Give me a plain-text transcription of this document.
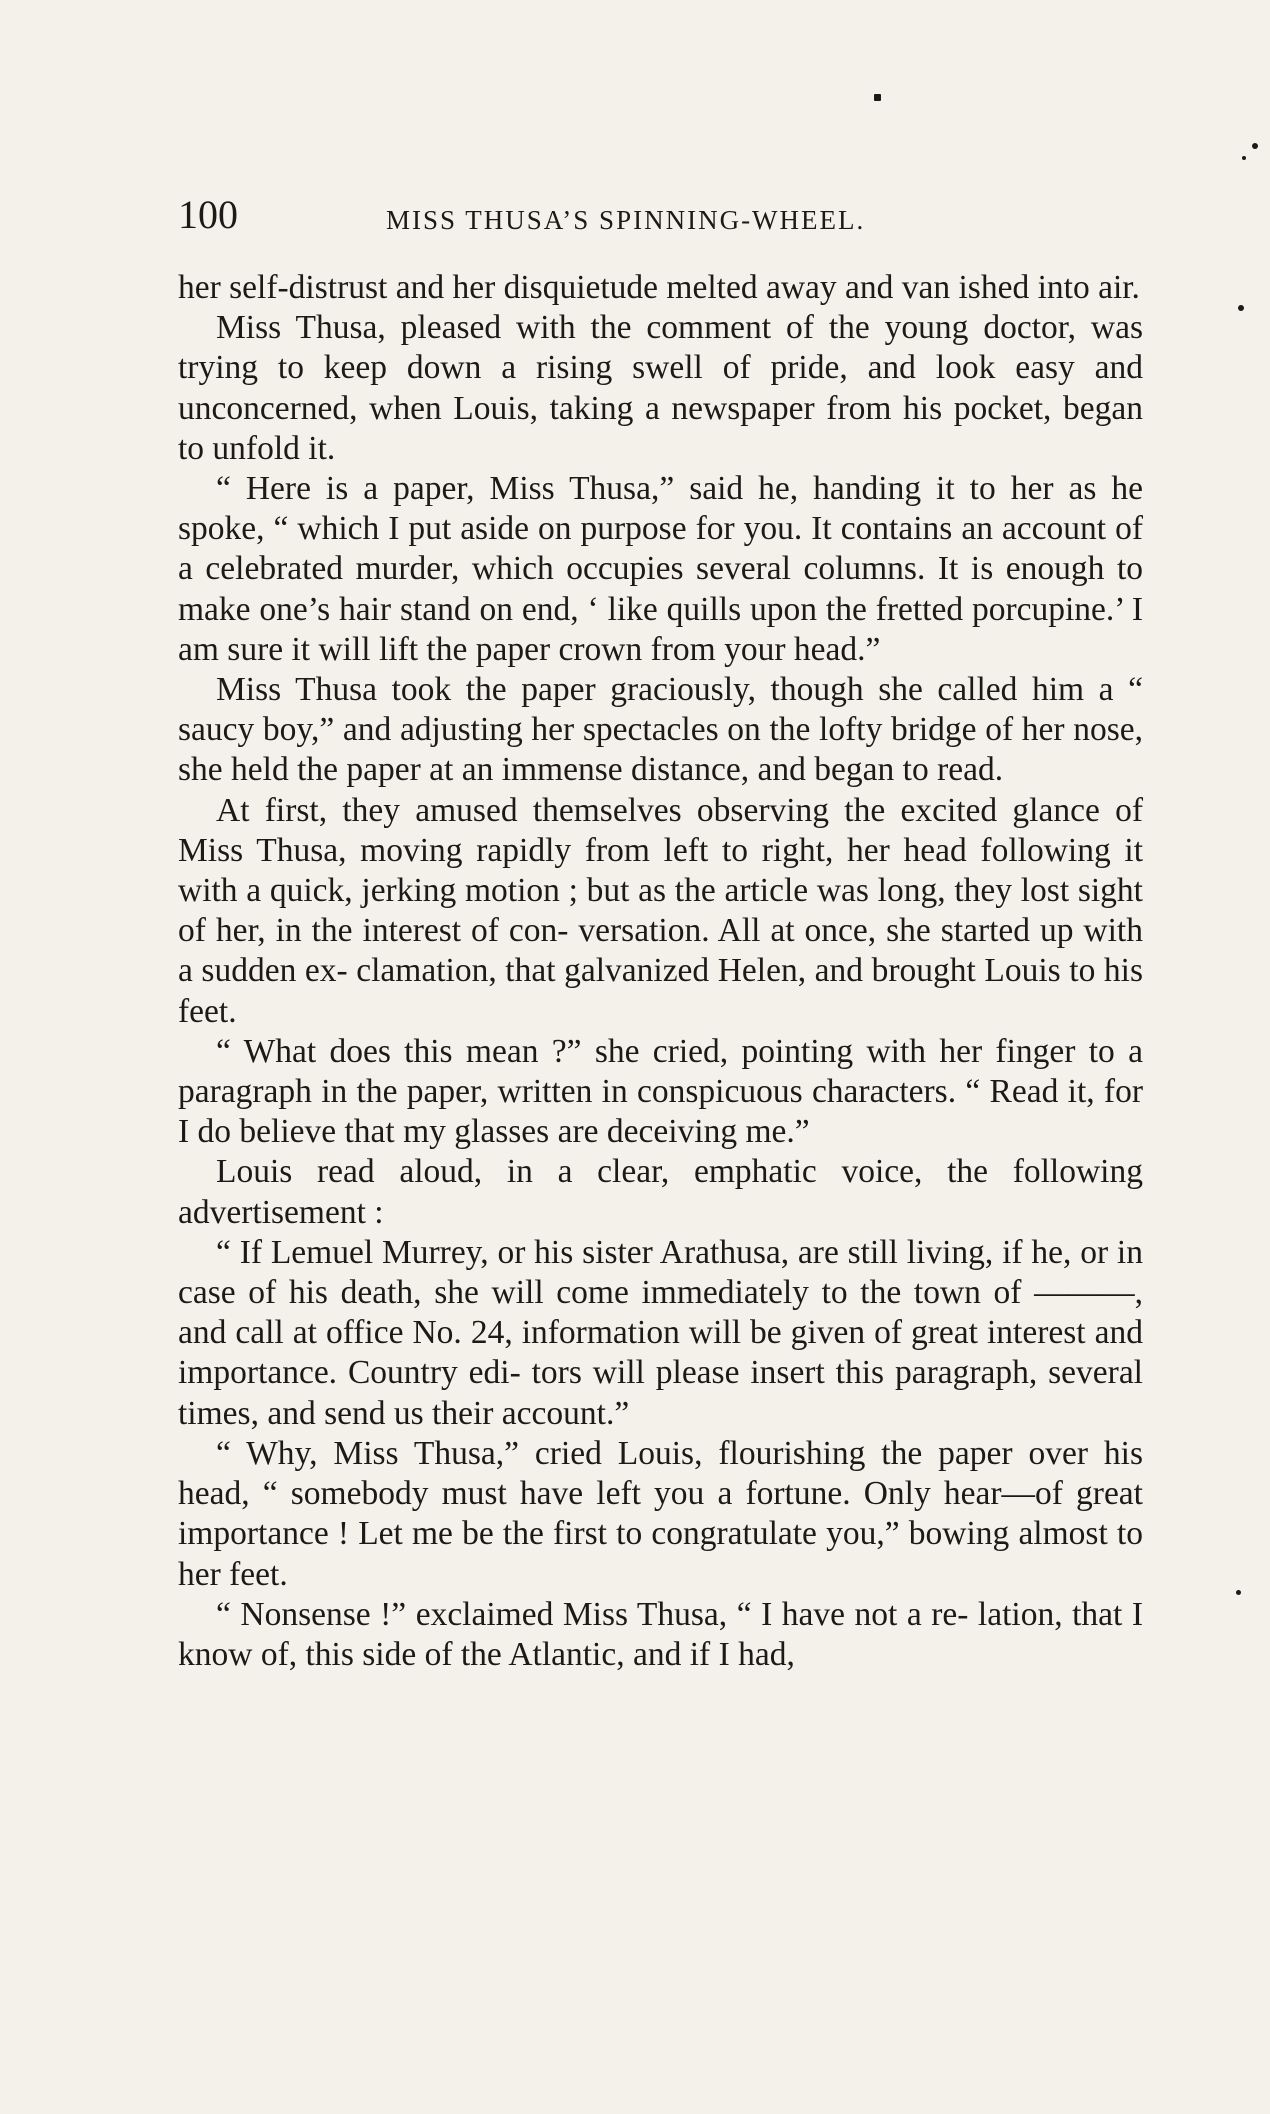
100	MISS THUSA’S SPINNING-WHEEL.

her self-distrust and her disquietude melted away and van ished into air.

Miss Thusa, pleased with the comment of the young doctor, was trying to keep down a rising swell of pride, and look easy and unconcerned, when Louis, taking a newspaper from his pocket, began to unfold it.

“ Here is a paper, Miss Thusa,” said he, handing it to her as he spoke, “ which I put aside on purpose for you. It contains an account of a celebrated murder, which occupies several columns. It is enough to make one’s hair stand on end, ‘ like quills upon the fretted porcupine.’ I am sure it will lift the paper crown from your head.”

Miss Thusa took the paper graciously, though she called him a “ saucy boy,” and adjusting her spectacles on the lofty bridge of her nose, she held the paper at an immense distance, and began to read.

At first, they amused themselves observing the excited glance of Miss Thusa, moving rapidly from left to right, her head following it with a quick, jerking motion ; but as the article was long, they lost sight of her, in the interest of con- versation. All at once, she started up with a sudden ex- clamation, that galvanized Helen, and brought Louis to his feet.

“ What does this mean ?” she cried, pointing with her finger to a paragraph in the paper, written in conspicuous characters. “ Read it, for I do believe that my glasses are deceiving me.”

Louis read aloud, in a clear, emphatic voice, the following advertisement :

“ If Lemuel Murrey, or his sister Arathusa, are still living, if he, or in case of his death, she will come immediately to the town of ———, and call at office No. 24, information will be given of great interest and importance. Country edi- tors will please insert this paragraph, several times, and send us their account.”

“ Why, Miss Thusa,” cried Louis, flourishing the paper over his head, “ somebody must have left you a fortune. Only hear—of great importance ! Let me be the first to congratulate you,” bowing almost to her feet.

“ Nonsense !” exclaimed Miss Thusa, “ I have not a re- lation, that I know of, this side of the Atlantic, and if I had,
